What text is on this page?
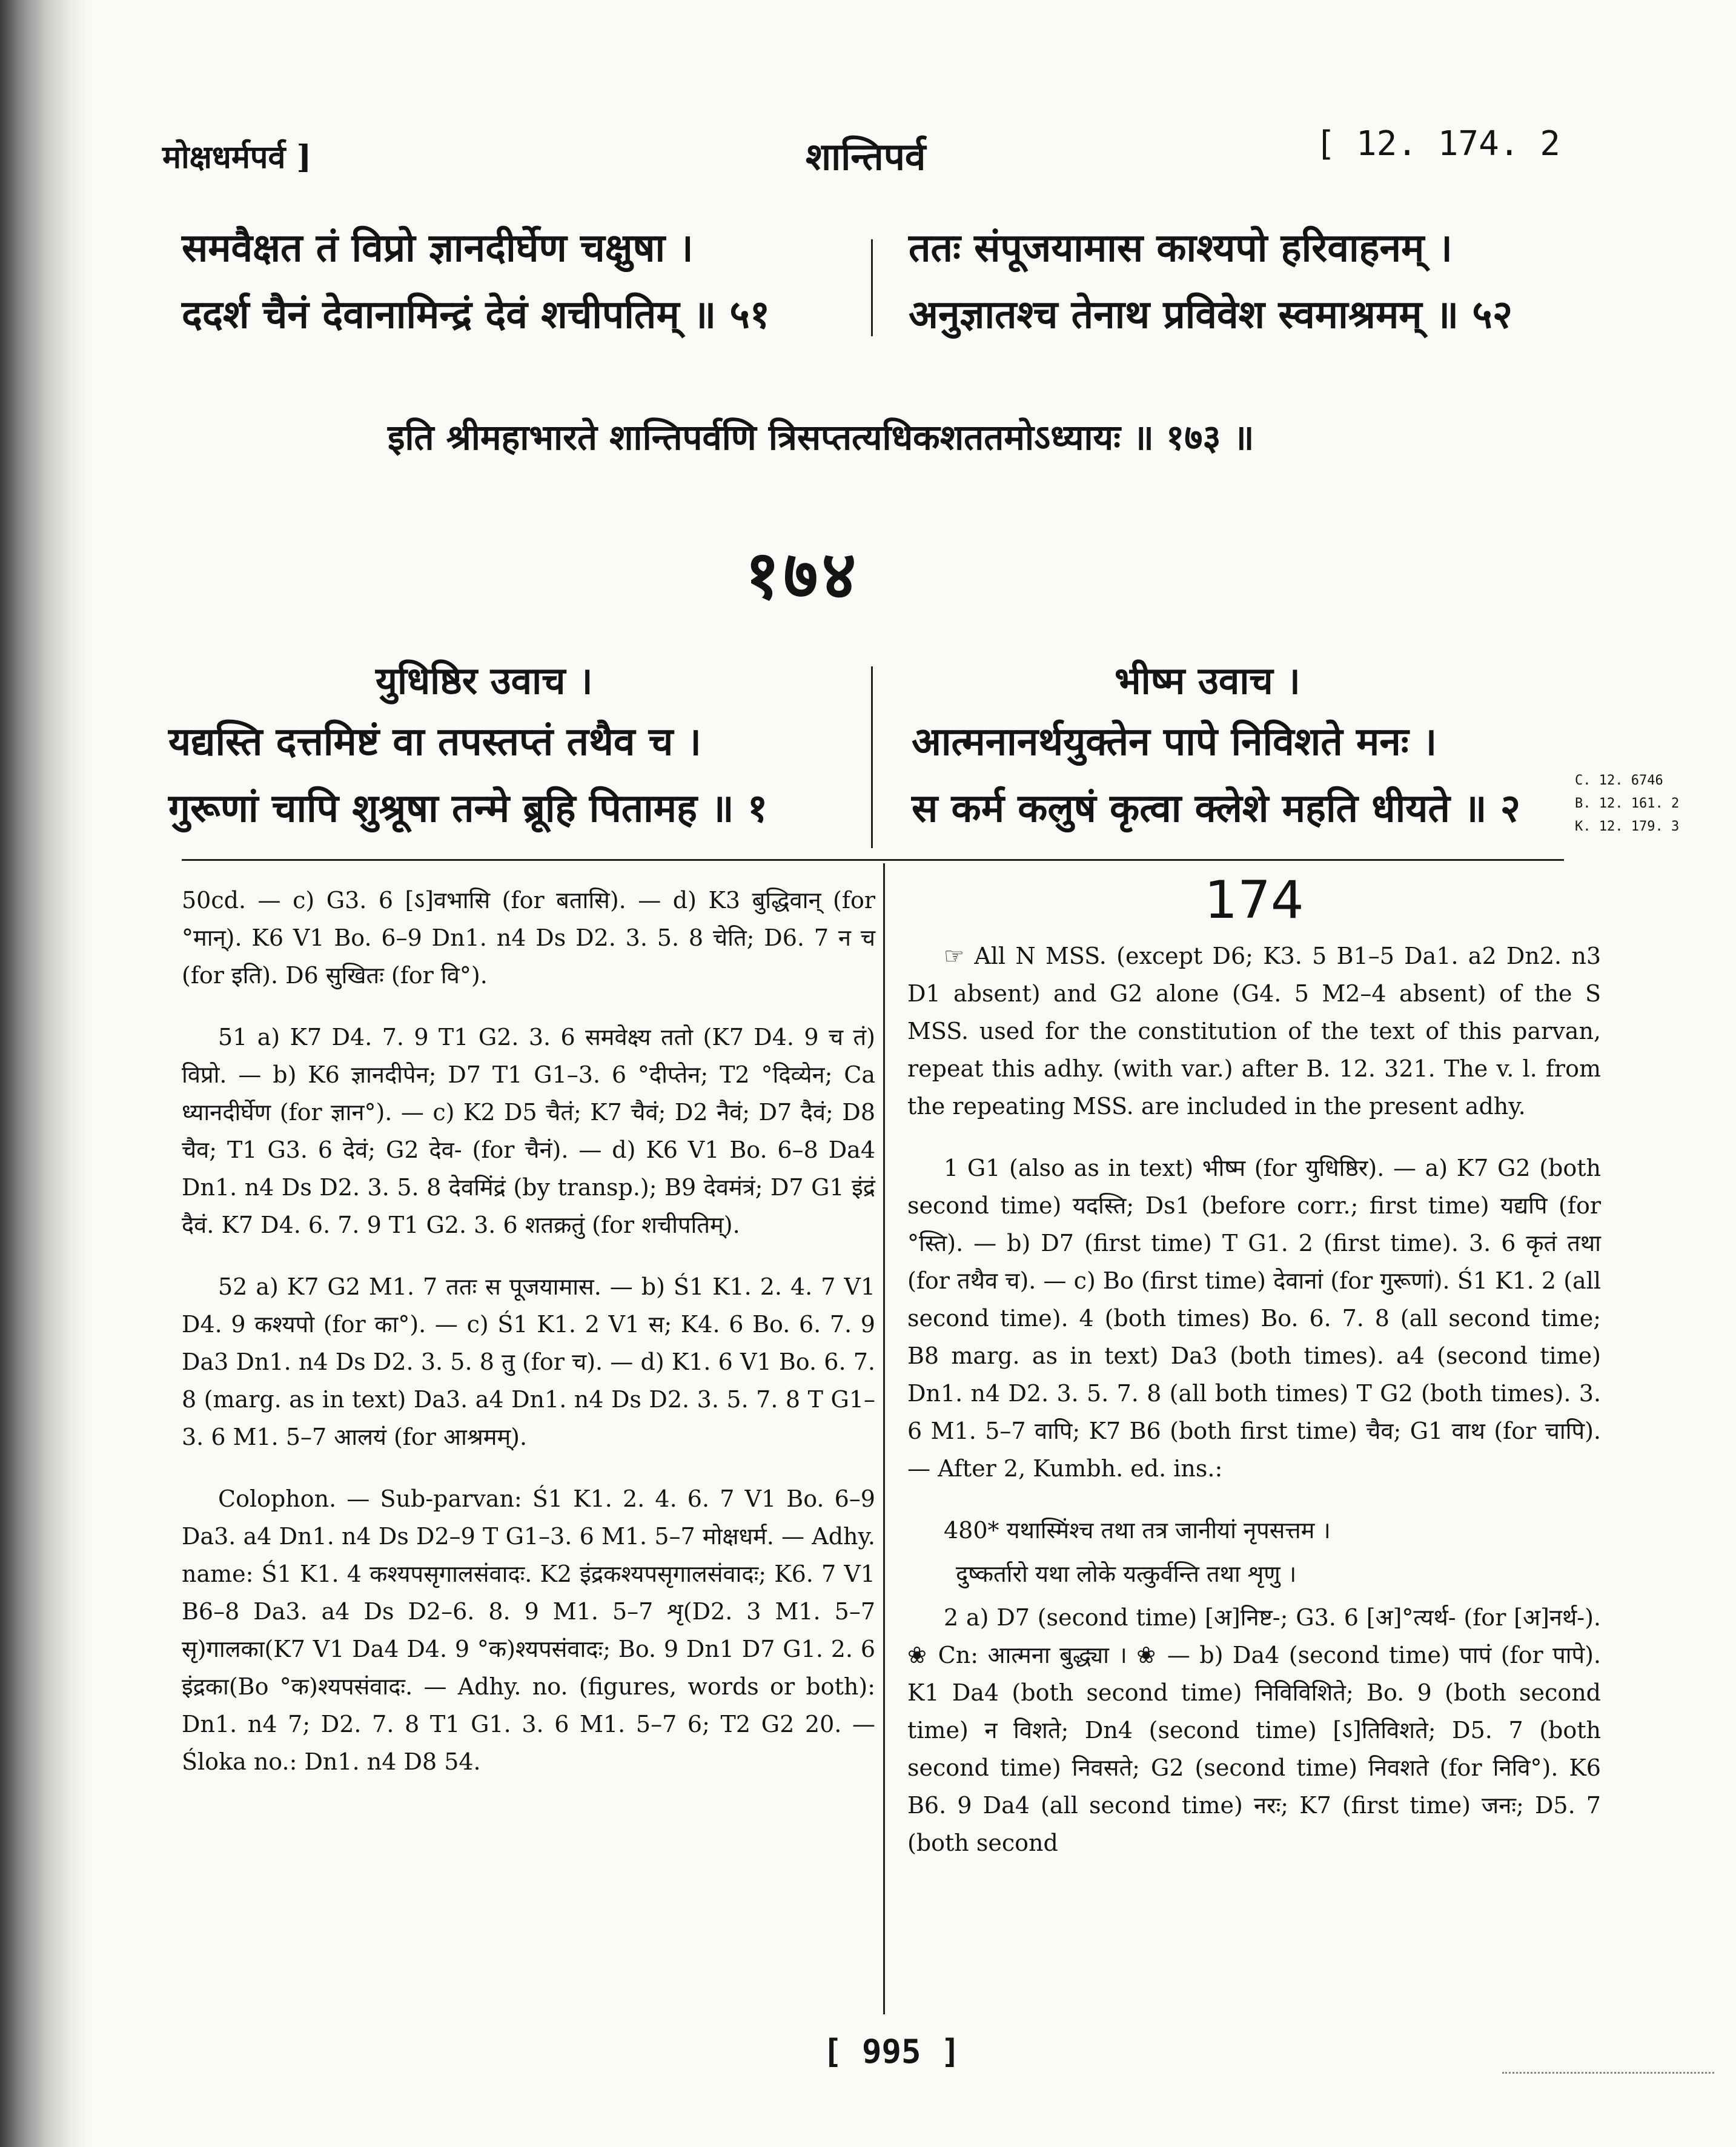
मोक्षधर्मपर्व ]	शान्तिपर्व	[ 12. 174. 2
समवैक्षत तं विप्रो ज्ञानदीर्घेण चक्षुषा ।
ददर्श चैनं देवानामिन्द्रं देवं शचीपतिम् ॥ ५१
ततः संपूजयामास काश्यपो हरिवाहनम् ।
अनुज्ञातश्च तेनाथ प्रविवेश स्वमाश्रमम् ॥ ५२
इति श्रीमहाभारते शान्तिपर्वणि त्रिसप्तत्यधिकशततमोऽध्यायः ॥ १७३ ॥
१७४
युधिष्ठिर उवाच ।	भीष्म उवाच ।
यद्यस्ति दत्तमिष्टं वा तपस्तप्तं तथैव च ।
गुरूणां चापि शुश्रूषा तन्मे ब्रूहि पितामह ॥ १
आत्मनानर्थयुक्तेन पापे निविशते मनः ।
स कर्म कलुषं कृत्वा क्लेशे महति धीयते ॥ २
C. 12. 6746
B. 12. 161. 2
K. 12. 179. 3

50cd. — c) G3. 6 [ऽ]वभासि (for बतासि). — d) K3 बुद्धिवान् (for °मान्). K6 V1 Bo. 6–9 Dn1. n4 Ds D2. 3. 5. 8 चेति; D6. 7 न च (for इति). D6 सुखितः (for वि°).

51 a) K7 D4. 7. 9 T1 G2. 3. 6 समवेक्ष्य ततो (K7 D4. 9 च तं) विप्रो. — b) K6 ज्ञानदीपेन; D7 T1 G1–3. 6 °दीप्तेन; T2 °दिव्येन; Ca ध्यानदीर्घेण (for ज्ञान°). — c) K2 D5 चैतं; K7 चैवं; D2 नैवं; D7 दैवं; D8 चैव; T1 G3. 6 देवं; G2 देव- (for चैनं). — d) K6 V1 Bo. 6–8 Da4 Dn1. n4 Ds D2. 3. 5. 8 देवमिंद्रं (by transp.); B9 देवमंत्रं; D7 G1 इंद्रं दैवं. K7 D4. 6. 7. 9 T1 G2. 3. 6 शतक्रतुं (for शचीपतिम्).

52 a) K7 G2 M1. 7 ततः स पूजयामास. — b) Ś1 K1. 2. 4. 7 V1 D4. 9 कश्यपो (for का°). — c) Ś1 K1. 2 V1 स; K4. 6 Bo. 6. 7. 9 Da3 Dn1. n4 Ds D2. 3. 5. 8 तु (for च). — d) K1. 6 V1 Bo. 6. 7. 8 (marg. as in text) Da3. a4 Dn1. n4 Ds D2. 3. 5. 7. 8 T G1–3. 6 M1. 5–7 आलयं (for आश्रमम्).

Colophon. — Sub-parvan: Ś1 K1. 2. 4. 6. 7 V1 Bo. 6–9 Da3. a4 Dn1. n4 Ds D2–9 T G1–3. 6 M1. 5–7 मोक्षधर्म. — Adhy. name: Ś1 K1. 4 कश्यपसृगालसंवादः. K2 इंद्रकश्यपसृगालसंवादः; K6. 7 V1 B6–8 Da3. a4 Ds D2–6. 8. 9 M1. 5–7 शृ(D2. 3 M1. 5–7 सृ)गालका(K7 V1 Da4 D4. 9 °क)श्यपसंवादः; Bo. 9 Dn1 D7 G1. 2. 6 इंद्रका(Bo °क)श्यपसंवादः. — Adhy. no. (figures, words or both): Dn1. n4 7; D2. 7. 8 T1 G1. 3. 6 M1. 5–7 6; T2 G2 20. — Śloka no.: Dn1. n4 D8 54.

174

☞ All N MSS. (except D6; K3. 5 B1–5 Da1. a2 Dn2. n3 D1 absent) and G2 alone (G4. 5 M2–4 absent) of the S MSS. used for the constitution of the text of this parvan, repeat this adhy. (with var.) after B. 12. 321. The v. l. from the repeating MSS. are included in the present adhy.

1 G1 (also as in text) भीष्म (for युधिष्ठिर). — a) K7 G2 (both second time) यदस्ति; Ds1 (before corr.; first time) यद्यपि (for °स्ति). — b) D7 (first time) T G1. 2 (first time). 3. 6 कृतं तथा (for तथैव च). — c) Bo (first time) देवानां (for गुरूणां). Ś1 K1. 2 (all second time). 4 (both times) Bo. 6. 7. 8 (all second time; B8 marg. as in text) Da3 (both times). a4 (second time) Dn1. n4 D2. 3. 5. 7. 8 (all both times) T G2 (both times). 3. 6 M1. 5–7 वापि; K7 B6 (both first time) चैव; G1 वाथ (for चापि). — After 2, Kumbh. ed. ins.:

480* यथास्मिंश्च तथा तत्र जानीयां नृपसत्तम ।

दुष्कर्तारो यथा लोके यत्कुर्वन्ति तथा शृणु ।

2 a) D7 (second time) [अ]निष्ट-; G3. 6 [अ]°त्यर्थ- (for [अ]नर्थ-). ❀ Cn: आत्मना बुद्ध्या । ❀ — b) Da4 (second time) पापं (for पापे). K1 Da4 (both second time) निविविशिते; Bo. 9 (both second time) न विशते; Dn4 (second time) [ऽ]तिविशते; D5. 7 (both second time) निवसते; G2 (second time) निवशते (for निवि°). K6 B6. 9 Da4 (all second time) नरः; K7 (first time) जनः; D5. 7 (both second

[ 995 ]
